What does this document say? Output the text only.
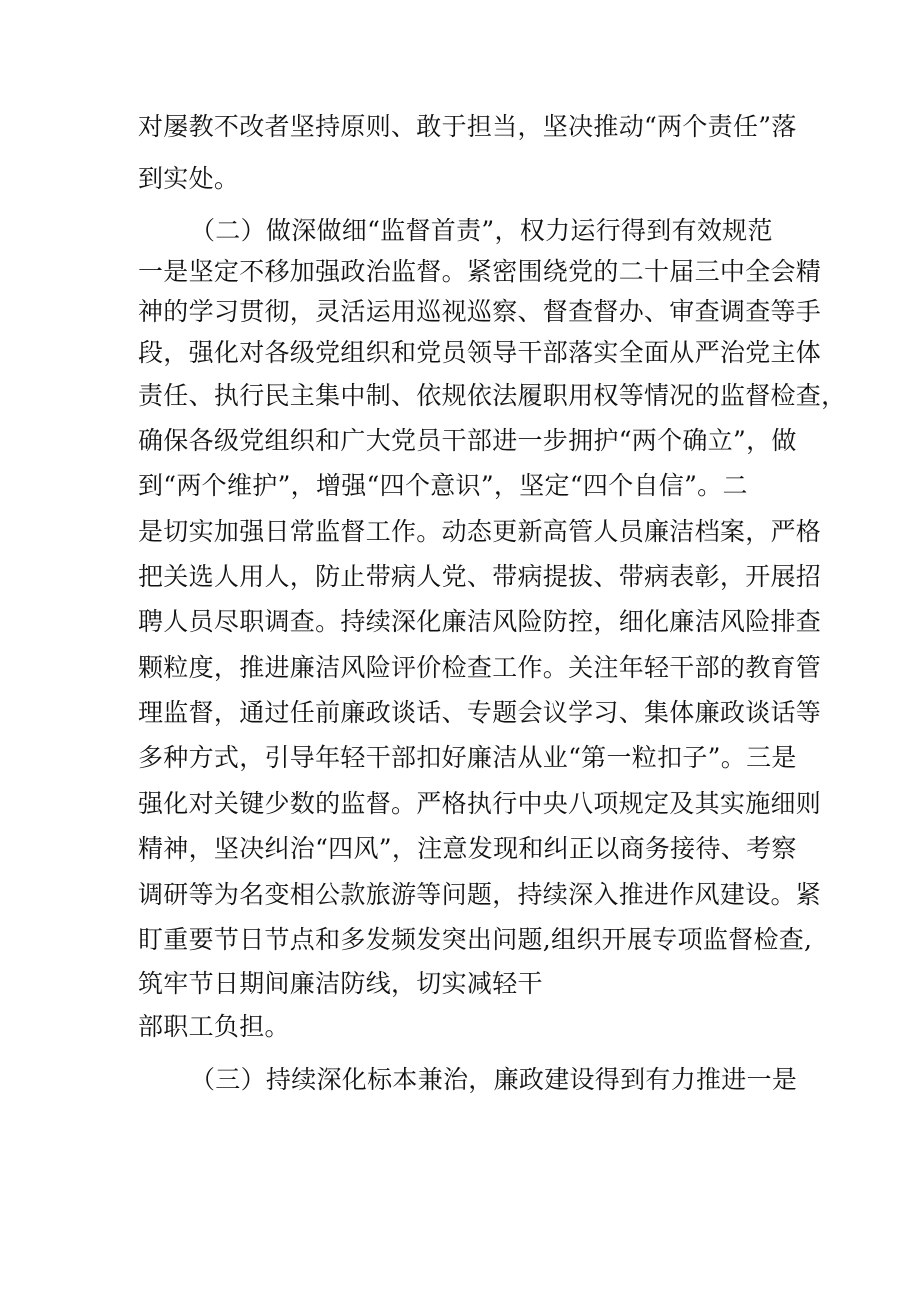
对屡教不改者坚持原则、敢于担当，坚决推动“两个责任”落
到实处。
（二）做深做细“监督首责”，权力运行得到有效规范
一是坚定不移加强政治监督。紧密围绕党的二十届三中全会精
神的学习贯彻，灵活运用巡视巡察、督查督办、审查调查等手
段，强化对各级党组织和党员领导干部落实全面从严治党主体
责任、执行民主集中制、依规依法履职用权等情况的监督检查，
确保各级党组织和广大党员干部进一步拥护“两个确立”，做
到“两个维护”，增强“四个意识”，坚定“四个自信”。二
是切实加强日常监督工作。动态更新高管人员廉洁档案，严格
把关选人用人，防止带病人党、带病提拔、带病表彰，开展招
聘人员尽职调查。持续深化廉洁风险防控，细化廉洁风险排查
颗粒度，推进廉洁风险评价检查工作。关注年轻干部的教育管
理监督，通过任前廉政谈话、专题会议学习、集体廉政谈话等
多种方式，引导年轻干部扣好廉洁从业“第一粒扣子”。三是
强化对关键少数的监督。严格执行中央八项规定及其实施细则
精神，坚决纠治“四风”，注意发现和纠正以商务接待、考察
调研等为名变相公款旅游等问题，持续深入推进作风建设。紧
盯重要节日节点和多发频发突出问题,组织开展专项监督检查,
筑牢节日期间廉洁防线，切实减轻干
部职工负担。
（三）持续深化标本兼治，廉政建设得到有力推进一是
